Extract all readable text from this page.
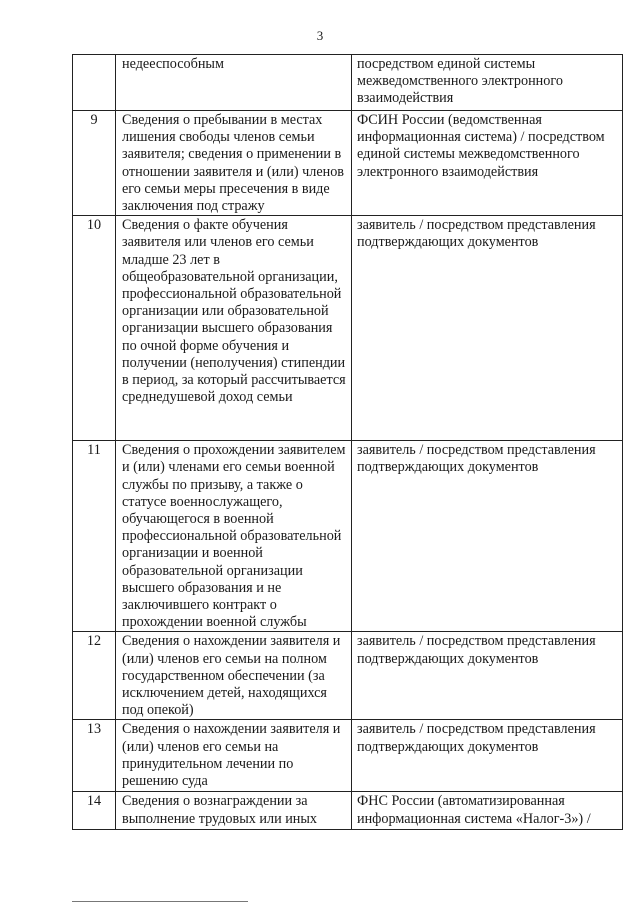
3
	недееспособным	посредством единой системы межведомственного электронного взаимодействия
9	Сведения о пребывании в местах лишения свободы членов семьи заявителя; сведения о применении в отношении заявителя и (или) членов его семьи меры пресечения в виде заключения под стражу	ФСИН России (ведомственная информационная система) / посредством единой системы межведомственного электронного взаимодействия
10	Сведения о факте обучения заявителя или членов его семьи младше 23 лет в общеобразовательной организации, профессиональной образовательной организации или образовательной организации высшего образования по очной форме обучения и получении (неполучения) стипендии в период, за который рассчитывается среднедушевой доход семьи	заявитель / посредством представления подтверждающих документов
11	Сведения о прохождении заявителем и (или) членами его семьи военной службы по призыву, а также о статусе военнослужащего, обучающегося в военной профессиональной образовательной организации и военной образовательной организации высшего образования и не заключившего контракт о прохождении военной службы	заявитель / посредством представления подтверждающих документов
12	Сведения о нахождении заявителя и (или) членов его семьи на полном государственном обеспечении (за исключением детей, находящихся под опекой)	заявитель / посредством представления подтверждающих документов
13	Сведения о нахождении заявителя и (или) членов его семьи на принудительном лечении по решению суда	заявитель / посредством представления подтверждающих документов
14	Сведения о вознаграждении за выполнение трудовых или иных	ФНС России (автоматизированная информационная система «Налог-3») /
